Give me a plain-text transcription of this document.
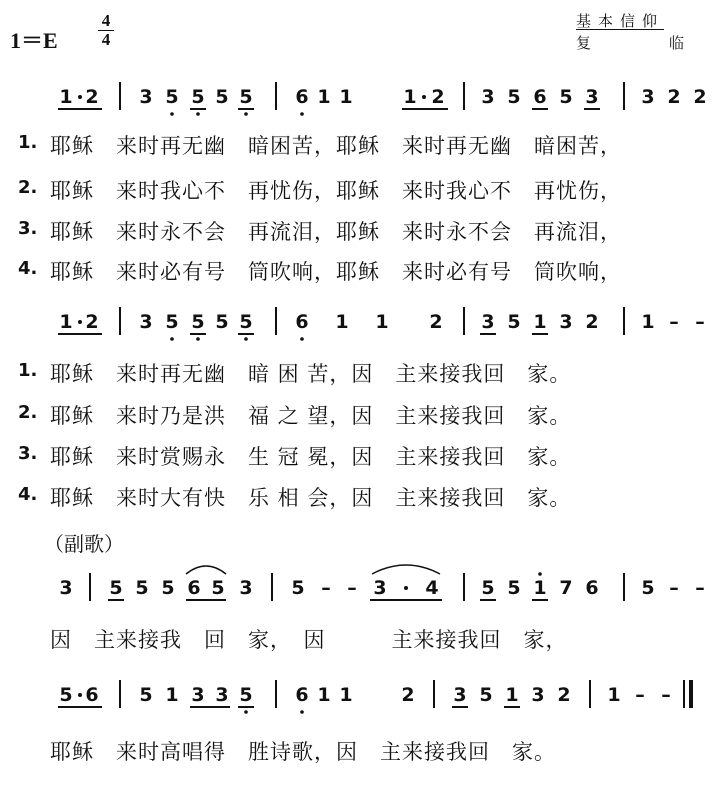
1＝E
4
4
基本信仰
复	临
1 2 3 5 5 5 5 6 1 1	1 2 3 5 6 5 3 3 2 2
1 2 3 5 5 5 5 6 1 1 2 3 5 1 3 2 1 – –
3 5 5 5 6 5 3 5 – – 3 4 5 5 1 7 6 5 – –
5 6 5 1 3 3 5 6 1 1	2 3 5 1 3 2 1 – –
1. 耶稣　来时再无幽　暗困苦，耶稣　来时再无幽　暗困苦，
2. 耶稣　来时我心不　再忧伤，耶稣　来时我心不　再忧伤，
3. 耶稣　来时永不会　再流泪，耶稣　来时永不会　再流泪，
4. 耶稣　来时必有号　筒吹响，耶稣　来时必有号　筒吹响，
1. 耶稣　来时再无幽　暗 困 苦，因　主来接我回　家。
2. 耶稣　来时乃是洪　福 之 望，因　主来接我回　家。
3. 耶稣　来时赏赐永　生 冠 冕，因　主来接我回　家。
4. 耶稣　来时大有快　乐 相 会，因　主来接我回　家。
（副歌）
因　主来接我　回　家，　因　　　主来接我回　家，
耶稣　来时高唱得　胜诗歌，因　主来接我回　家。
